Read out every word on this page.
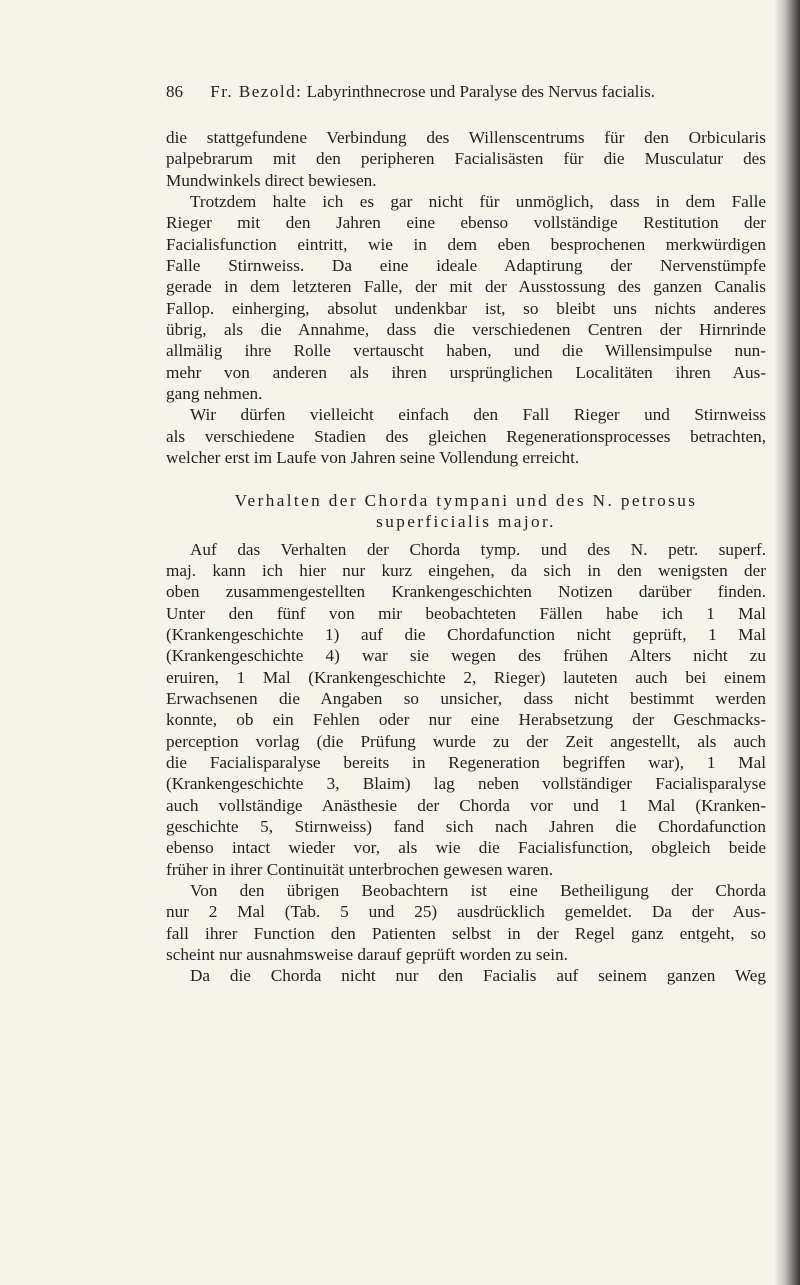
86 Fr. Bezold: Labyrinthnecrose und Paralyse des Nervus facialis.
die stattgefundene Verbindung des Willenscentrums für den Orbicularis
palpebrarum mit den peripheren Facialisästen für die Musculatur des
Mundwinkels direct bewiesen.
Trotzdem halte ich es gar nicht für unmöglich, dass in dem Falle
Rieger mit den Jahren eine ebenso vollständige Restitution der
Facialisfunction eintritt, wie in dem eben besprochenen merkwürdigen
Falle Stirnweiss. Da eine ideale Adaptirung der Nervenstümpfe
gerade in dem letzteren Falle, der mit der Ausstossung des ganzen Canalis
Fallop. einherging, absolut undenkbar ist, so bleibt uns nichts anderes
übrig, als die Annahme, dass die verschiedenen Centren der Hirnrinde
allmälig ihre Rolle vertauscht haben, und die Willensimpulse nun-
mehr von anderen als ihren ursprünglichen Localitäten ihren Aus-
gang nehmen.
Wir dürfen vielleicht einfach den Fall Rieger und Stirnweiss
als verschiedene Stadien des gleichen Regenerationsprocesses betrachten,
welcher erst im Laufe von Jahren seine Vollendung erreicht.
Verhalten der Chorda tympani und des N. petrosus
superficialis major.
Auf das Verhalten der Chorda tymp. und des N. petr. superf.
maj. kann ich hier nur kurz eingehen, da sich in den wenigsten der
oben zusammengestellten Krankengeschichten Notizen darüber finden.
Unter den fünf von mir beobachteten Fällen habe ich 1 Mal
(Krankengeschichte 1) auf die Chordafunction nicht geprüft, 1 Mal
(Krankengeschichte 4) war sie wegen des frühen Alters nicht zu
eruiren, 1 Mal (Krankengeschichte 2, Rieger) lauteten auch bei einem
Erwachsenen die Angaben so unsicher, dass nicht bestimmt werden
konnte, ob ein Fehlen oder nur eine Herabsetzung der Geschmacks-
perception vorlag (die Prüfung wurde zu der Zeit angestellt, als auch
die Facialisparalyse bereits in Regeneration begriffen war), 1 Mal
(Krankengeschichte 3, Blaim) lag neben vollständiger Facialisparalyse
auch vollständige Anästhesie der Chorda vor und 1 Mal (Kranken-
geschichte 5, Stirnweiss) fand sich nach Jahren die Chordafunction
ebenso intact wieder vor, als wie die Facialisfunction, obgleich beide
früher in ihrer Continuität unterbrochen gewesen waren.
Von den übrigen Beobachtern ist eine Betheiligung der Chorda
nur 2 Mal (Tab. 5 und 25) ausdrücklich gemeldet. Da der Aus-
fall ihrer Function den Patienten selbst in der Regel ganz entgeht, so
scheint nur ausnahmsweise darauf geprüft worden zu sein.
Da die Chorda nicht nur den Facialis auf seinem ganzen Weg
